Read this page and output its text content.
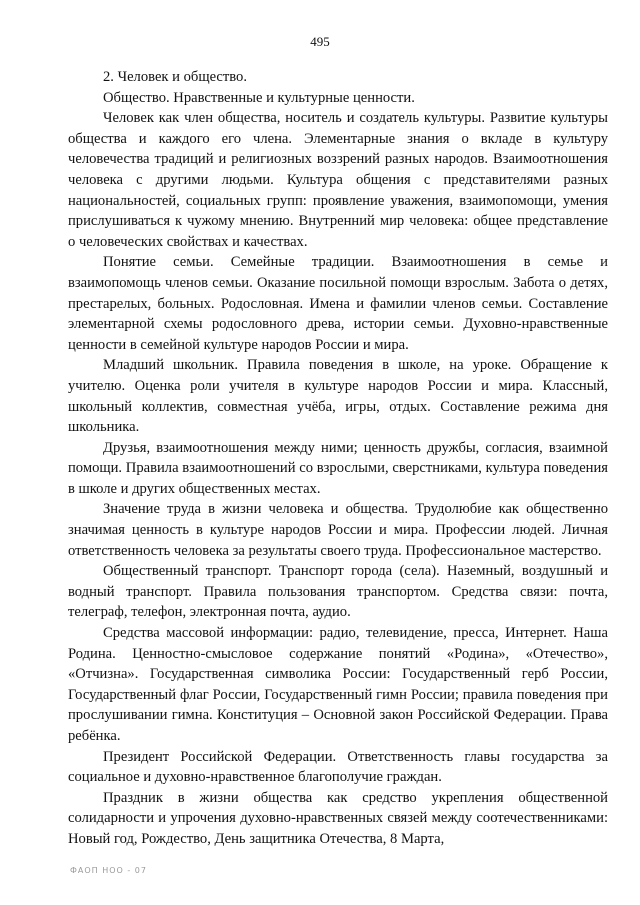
495

2. Человек и общество.

Общество. Нравственные и культурные ценности.

Человек как член общества, носитель и создатель культуры. Развитие культуры общества и каждого его члена. Элементарные знания о вкладе в культуру человечества традиций и религиозных воззрений разных народов. Взаимоотношения человека с другими людьми. Культура общения с представителями разных национальностей, социальных групп: проявление уважения, взаимопомощи, умения прислушиваться к чужому мнению. Внутренний мир человека: общее представление о человеческих свойствах и качествах.

Понятие семьи. Семейные традиции. Взаимоотношения в семье и взаимопомощь членов семьи. Оказание посильной помощи взрослым. Забота о детях, престарелых, больных. Родословная. Имена и фамилии членов семьи. Составление элементарной схемы родословного древа, истории семьи. Духовно-нравственные ценности в семейной культуре народов России и мира.

Младший школьник. Правила поведения в школе, на уроке. Обращение к учителю. Оценка роли учителя в культуре народов России и мира. Классный, школьный коллектив, совместная учёба, игры, отдых. Составление режима дня школьника.

Друзья, взаимоотношения между ними; ценность дружбы, согласия, взаимной помощи. Правила взаимоотношений со взрослыми, сверстниками, культура поведения в школе и других общественных местах.

Значение труда в жизни человека и общества. Трудолюбие как общественно значимая ценность в культуре народов России и мира. Профессии людей. Личная ответственность человека за результаты своего труда. Профессиональное мастерство.

Общественный транспорт. Транспорт города (села). Наземный, воздушный и водный транспорт. Правила пользования транспортом. Средства связи: почта, телеграф, телефон, электронная почта, аудио.

Средства массовой информации: радио, телевидение, пресса, Интернет. Наша Родина. Ценностно-смысловое содержание понятий «Родина», «Отечество», «Отчизна». Государственная символика России: Государственный герб России, Государственный флаг России, Государственный гимн России; правила поведения при прослушивании гимна. Конституция – Основной закон Российской Федерации. Права ребёнка.

Президент Российской Федерации. Ответственность главы государства за социальное и духовно-нравственное благополучие граждан.

Праздник в жизни общества как средство укрепления общественной солидарности и упрочения духовно-нравственных связей между соотечественниками: Новый год, Рождество, День защитника Отечества, 8 Марта,

ФАОП НОО - 07
